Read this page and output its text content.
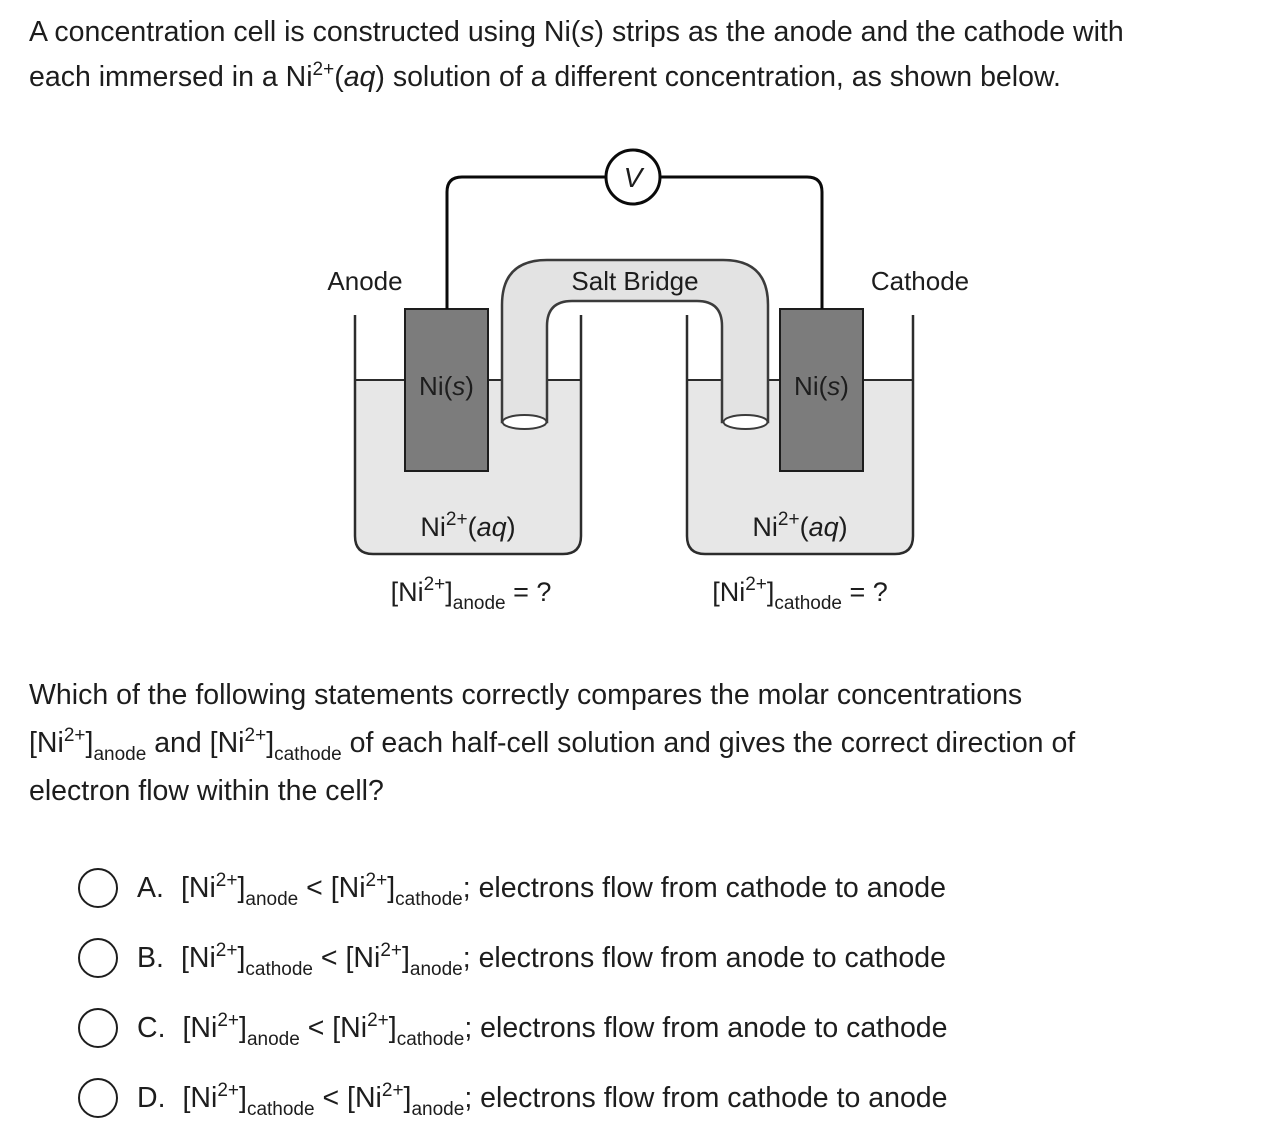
A concentration cell is constructed using Ni(s) strips as the anode and the cathode with
each immersed in a $Ni^{2+}(aq)$ solution of a different concentration, as shown below.
V
Anode	Salt Bridge	Cathode
Ni(s)	Ni(s)
$Ni^{2+}(aq)$	$Ni^{2+}(aq)$
$[Ni^{2+}]_{anode}$ = ?	$[Ni^{2+}]_{cathode}$ = ?
Which of the following statements correctly compares the molar concentrations
$[Ni^{2+}]_{anode}$ and $[Ni^{2+}]_{cathode}$ of each half-cell solution and gives the correct direction of
electron flow within the cell?
A. $[Ni^{2+}]_{anode} < [Ni^{2+}]_{cathode}$; electrons flow from cathode to anode
B. $[Ni^{2+}]_{cathode} < [Ni^{2+}]_{anode}$; electrons flow from anode to cathode
C. $[Ni^{2+}]_{anode} < [Ni^{2+}]_{cathode}$; electrons flow from anode to cathode
D. $[Ni^{2+}]_{cathode} < [Ni^{2+}]_{anode}$; electrons flow from cathode to anode
